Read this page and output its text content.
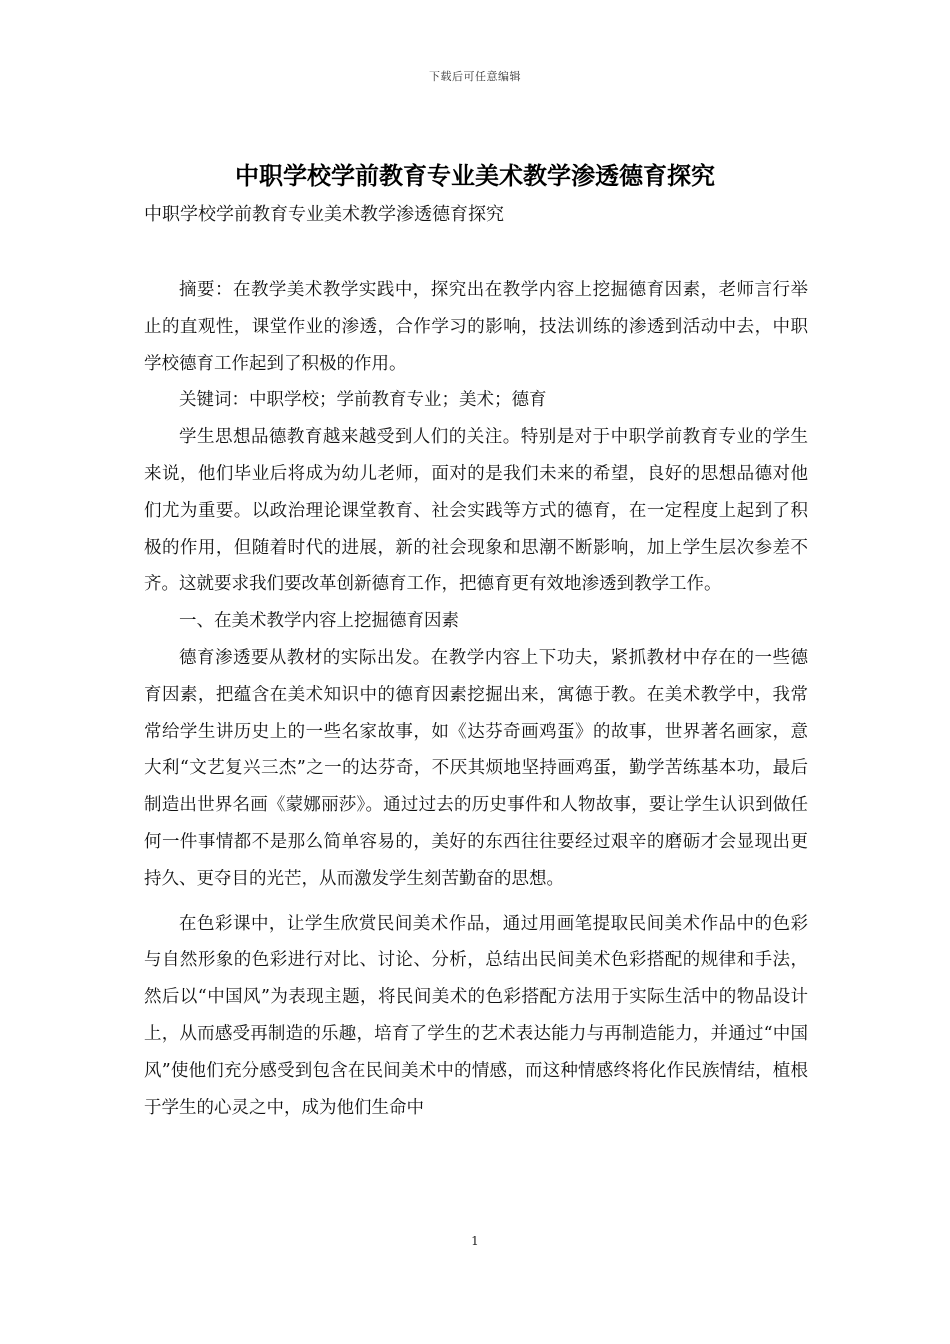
下载后可任意编辑
中职学校学前教育专业美术教学渗透德育探究

中职学校学前教育专业美术教学渗透德育探究

摘要：在教学美术教学实践中，探究出在教学内容上挖掘德育因素，老师言行举止的直观性，课堂作业的渗透，合作学习的影响，技法训练的渗透到活动中去，中职学校德育工作起到了积极的作用。

关键词：中职学校；学前教育专业；美术；德育

学生思想品德教育越来越受到人们的关注。特别是对于中职学前教育专业的学生来说，他们毕业后将成为幼儿老师，面对的是我们未来的希望，良好的思想品德对他们尤为重要。以政治理论课堂教育、社会实践等方式的德育，在一定程度上起到了积极的作用，但随着时代的进展，新的社会现象和思潮不断影响，加上学生层次参差不齐。这就要求我们要改革创新德育工作，把德育更有效地渗透到教学工作。

一、在美术教学内容上挖掘德育因素

德育渗透要从教材的实际出发。在教学内容上下功夫，紧抓教材中存在的一些德育因素，把蕴含在美术知识中的德育因素挖掘出来，寓德于教。在美术教学中，我常常给学生讲历史上的一些名家故事，如《达芬奇画鸡蛋》的故事，世界著名画家，意大利“文艺复兴三杰”之一的达芬奇，不厌其烦地坚持画鸡蛋，勤学苦练基本功，最后制造出世界名画《蒙娜丽莎》。通过过去的历史事件和人物故事，要让学生认识到做任何一件事情都不是那么简单容易的，美好的东西往往要经过艰辛的磨砺才会显现出更持久、更夺目的光芒，从而激发学生刻苦勤奋的思想。

在色彩课中，让学生欣赏民间美术作品，通过用画笔提取民间美术作品中的色彩与自然形象的色彩进行对比、讨论、分析，总结出民间美术色彩搭配的规律和手法，然后以“中国风”为表现主题，将民间美术的色彩搭配方法用于实际生活中的物品设计上，从而感受再制造的乐趣，培育了学生的艺术表达能力与再制造能力，并通过“中国风”使他们充分感受到包含在民间美术中的情感，而这种情感终将化作民族情结，植根于学生的心灵之中，成为他们生命中

1
